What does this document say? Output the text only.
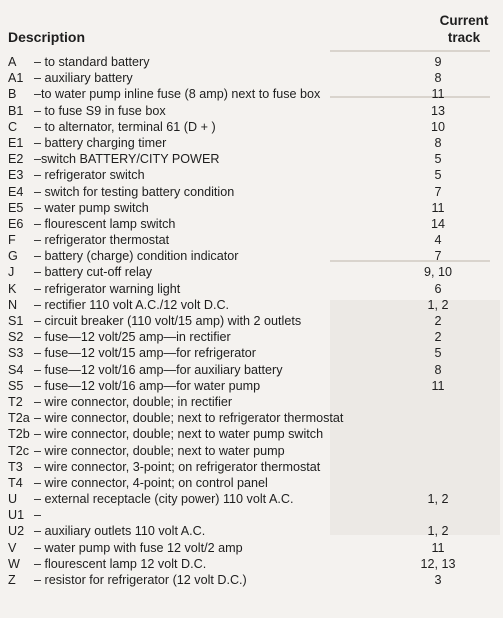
Description
Current track
A – to standard battery	9
A1 – auxiliary battery	8
B –to water pump inline fuse (8 amp) next to fuse box	11
B1 – to fuse S9 in fuse box	13
C – to alternator, terminal 61 (D + )	10
E1 – battery charging timer	8
E2 –switch BATTERY/CITY POWER	5
E3 – refrigerator switch	5
E4 – switch for testing battery condition	7
E5 – water pump switch	11
E6 – flourescent lamp switch	14
F – refrigerator thermostat	4
G – battery (charge) condition indicator	7
J – battery cut-off relay	9, 10
K – refrigerator warning light	6
N – rectifier 110 volt A.C./12 volt D.C.	1, 2
S1 – circuit breaker (110 volt/15 amp) with 2 outlets	2
S2 – fuse—12 volt/25 amp—in rectifier	2
S3 – fuse—12 volt/15 amp—for refrigerator	5
S4 – fuse—12 volt/16 amp—for auxiliary battery	8
S5 – fuse—12 volt/16 amp—for water pump	11
T2 – wire connector, double; in rectifier
T2a – wire connector, double; next to refrigerator thermostat
T2b – wire connector, double; next to water pump switch
T2c – wire connector, double; next to water pump
T3 – wire connector, 3-point; on refrigerator thermostat
T4 – wire connector, 4-point; on control panel
U – external receptacle (city power) 110 volt A.C.	1, 2
U1 –
U2 – auxiliary outlets 110 volt A.C.	1, 2
V – water pump with fuse 12 volt/2 amp	11
W – flourescent lamp 12 volt D.C.	12, 13
Z – resistor for refrigerator (12 volt D.C.)	3
